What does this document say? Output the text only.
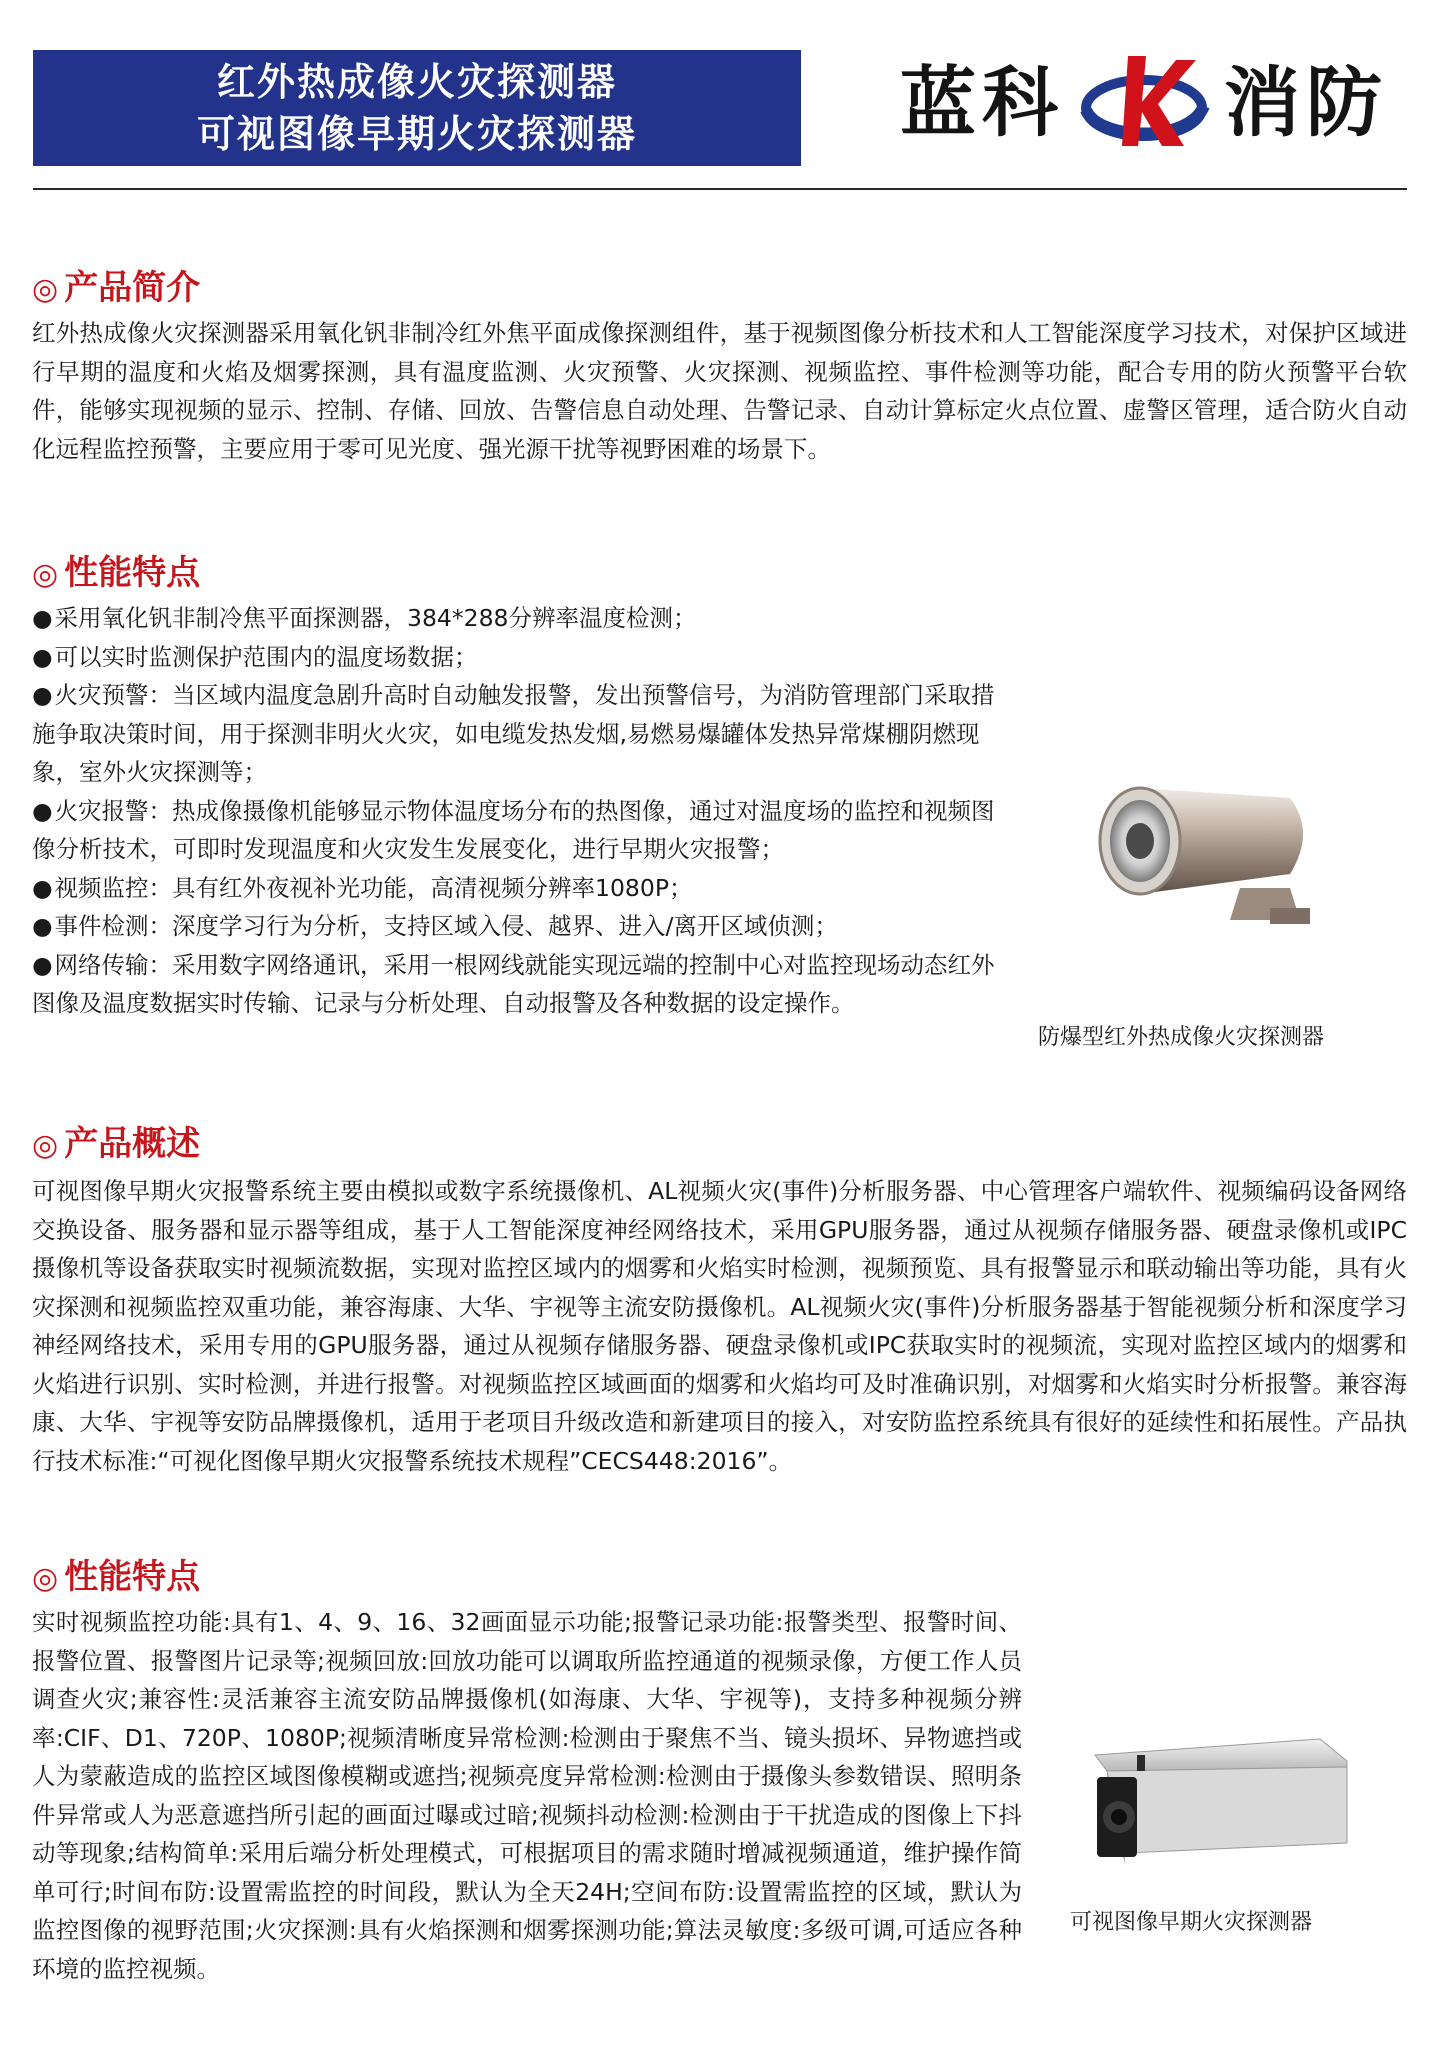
红外热成像火灾探测器
可视图像早期火灾探测器	蓝科 消防
◎ 产品简介
红外热成像火灾探测器采用氧化钒非制冷红外焦平面成像探测组件，基于视频图像分析技术和人工智能深度学习技术，对保护区域进行早期的温度和火焰及烟雾探测，具有温度监测、火灾预警、火灾探测、视频监控、事件检测等功能，配合专用的防火预警平台软件，能够实现视频的显示、控制、存储、回放、告警信息自动处理、告警记录、自动计算标定火点位置、虚警区管理，适合防火自动化远程监控预警，主要应用于零可见光度、强光源干扰等视野困难的场景下。
◎ 性能特点

● 采用氧化钒非制冷焦平面探测器，384*288分辨率温度检测；

● 可以实时监测保护范围内的温度场数据；

● 火灾预警：当区域内温度急剧升高时自动触发报警，发出预警信号，为消防管理部门采取措施争取决策时间，用于探测非明火火灾，如电缆发热发烟,易燃易爆罐体发热异常煤棚阴燃现象，室外火灾探测等；

● 火灾报警：热成像摄像机能够显示物体温度场分布的热图像，通过对温度场的监控和视频图像分析技术，可即时发现温度和火灾发生发展变化，进行早期火灾报警；

● 视频监控：具有红外夜视补光功能，高清视频分辨率1080P；

● 事件检测：深度学习行为分析，支持区域入侵、越界、进入/离开区域侦测；

● 网络传输：采用数字网络通讯，采用一根网线就能实现远端的控制中心对监控现场动态红外图像及温度数据实时传输、记录与分析处理、自动报警及各种数据的设定操作。

防爆型红外热成像火灾探测器
◎ 产品概述
可视图像早期火灾报警系统主要由模拟或数字系统摄像机、AL视频火灾(事件)分析服务器、中心管理客户端软件、视频编码设备网络交换设备、服务器和显示器等组成，基于人工智能深度神经网络技术，采用GPU服务器，通过从视频存储服务器、硬盘录像机或IPC摄像机等设备获取实时视频流数据，实现对监控区域内的烟雾和火焰实时检测，视频预览、具有报警显示和联动输出等功能，具有火灾探测和视频监控双重功能，兼容海康、大华、宇视等主流安防摄像机。AL视频火灾(事件)分析服务器基于智能视频分析和深度学习神经网络技术，采用专用的GPU服务器，通过从视频存储服务器、硬盘录像机或IPC获取实时的视频流，实现对监控区域内的烟雾和火焰进行识别、实时检测，并进行报警。对视频监控区域画面的烟雾和火焰均可及时准确识别，对烟雾和火焰实时分析报警。兼容海康、大华、宇视等安防品牌摄像机，适用于老项目升级改造和新建项目的接入，对安防监控系统具有很好的延续性和拓展性。产品执行技术标准:“可视化图像早期火灾报警系统技术规程”CECS448:2016”。
◎ 性能特点
实时视频监控功能:具有1、4、9、16、32画面显示功能;报警记录功能:报警类型、报警时间、报警位置、报警图片记录等;视频回放:回放功能可以调取所监控通道的视频录像，方便工作人员调查火灾;兼容性:灵活兼容主流安防品牌摄像机(如海康、大华、宇视等)，支持多种视频分辨率:CIF、D1、720P、1080P;视频清晰度异常检测:检测由于聚焦不当、镜头损坏、异物遮挡或人为蒙蔽造成的监控区域图像模糊或遮挡;视频亮度异常检测:检测由于摄像头参数错误、照明条件异常或人为恶意遮挡所引起的画面过曝或过暗;视频抖动检测:检测由于干扰造成的图像上下抖动等现象;结构简单:采用后端分析处理模式，可根据项目的需求随时增减视频通道，维护操作简单可行;时间布防:设置需监控的时间段，默认为全天24H;空间布防:设置需监控的区域，默认为监控图像的视野范围;火灾探测:具有火焰探测和烟雾探测功能;算法灵敏度:多级可调,可适应各种环境的监控视频。
可视图像早期火灾探测器
